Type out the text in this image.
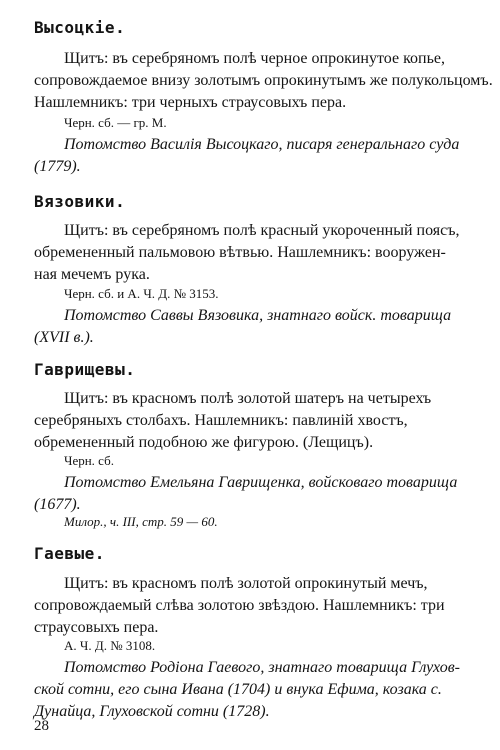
Высоцкіе.

Щитъ: въ серебряномъ полѣ черное опрокинутое копье,
сопровождаемое внизу золотымъ опрокинутымъ же полукольцомъ.
Нашлемникъ: три черныхъ страусовыхъ пера.

Черн. сб. — гр. М.

Потомство Василія Высоцкаго, писаря генеральнаго суда
(1779).

Вязовики.

Щитъ: въ серебряномъ полѣ красный укороченный поясъ,
обремененный пальмовою вѣтвью. Нашлемникъ: вооружен-
ная мечемъ рука.

Черн. сб. и А. Ч. Д. № 3153.

Потомство Саввы Вязовика, знатнаго войск. товарища
(XVII в.).

Гаврищевы.

Щитъ: въ красномъ полѣ золотой шатеръ на четырехъ
серебряныхъ столбахъ. Нашлемникъ: павлиній хвостъ,
обремененный подобною же фигурою. (Лещицъ).

Черн. сб.

Потомство Емельяна Гаврищенка, войсковаго товарища
(1677).

Милор., ч. III, стр. 59 — 60.

Гаевые.

Щитъ: въ красномъ полѣ золотой опрокинутый мечъ,
сопровождаемый слѣва золотою звѣздою. Нашлемникъ: три
страусовыхъ пера.

А. Ч. Д. № 3108.

Потомство Родіона Гаевого, знатнаго товарища Глухов-
ской сотни, его сына Ивана (1704) и внука Ефима, козака с.
Дунайца, Глуховской сотни (1728).

28
